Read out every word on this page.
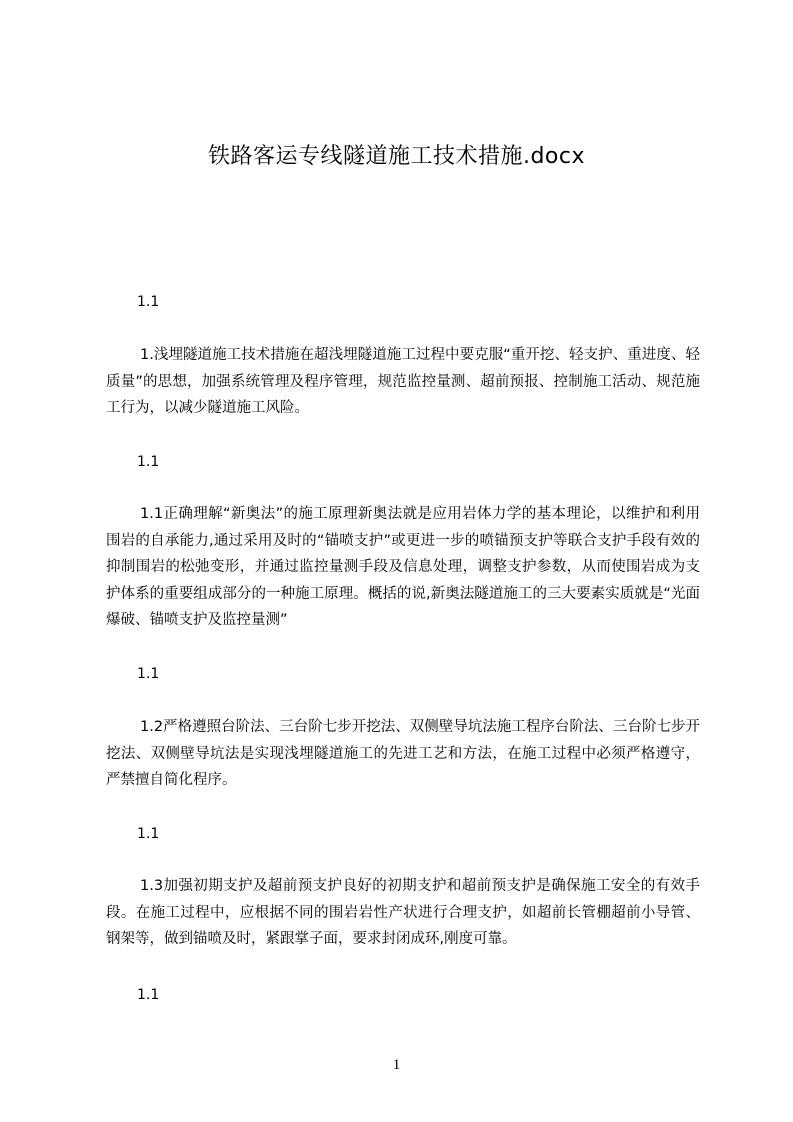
铁路客运专线隧道施工技术措施.docx
1.1
1.浅埋隧道施工技术措施在超浅埋隧道施工过程中要克服“重开挖、轻支护、重进度、轻质量”的思想，加强系统管理及程序管理，规范监控量测、超前预报、控制施工活动、规范施工行为，以减少隧道施工风险。
1.1
1.1正确理解“新奥法”的施工原理新奥法就是应用岩体力学的基本理论，以维护和利用围岩的自承能力,通过采用及时的“锚喷支护”或更进一步的喷锚预支护等联合支护手段有效的抑制围岩的松弛变形，并通过监控量测手段及信息处理，调整支护参数，从而使围岩成为支护体系的重要组成部分的一种施工原理。概括的说,新奥法隧道施工的三大要素实质就是“光面爆破、锚喷支护及监控量测”
1.1
1.2严格遵照台阶法、三台阶七步开挖法、双侧壁导坑法施工程序台阶法、三台阶七步开挖法、双侧壁导坑法是实现浅埋隧道施工的先进工艺和方法，在施工过程中必须严格遵守，严禁擅自简化程序。
1.1
1.3加强初期支护及超前预支护良好的初期支护和超前预支护是确保施工安全的有效手段。在施工过程中，应根据不同的围岩岩性产状进行合理支护，如超前长管棚超前小导管、钢架等，做到锚喷及时，紧跟掌子面，要求封闭成环,刚度可靠。
1.1
1
